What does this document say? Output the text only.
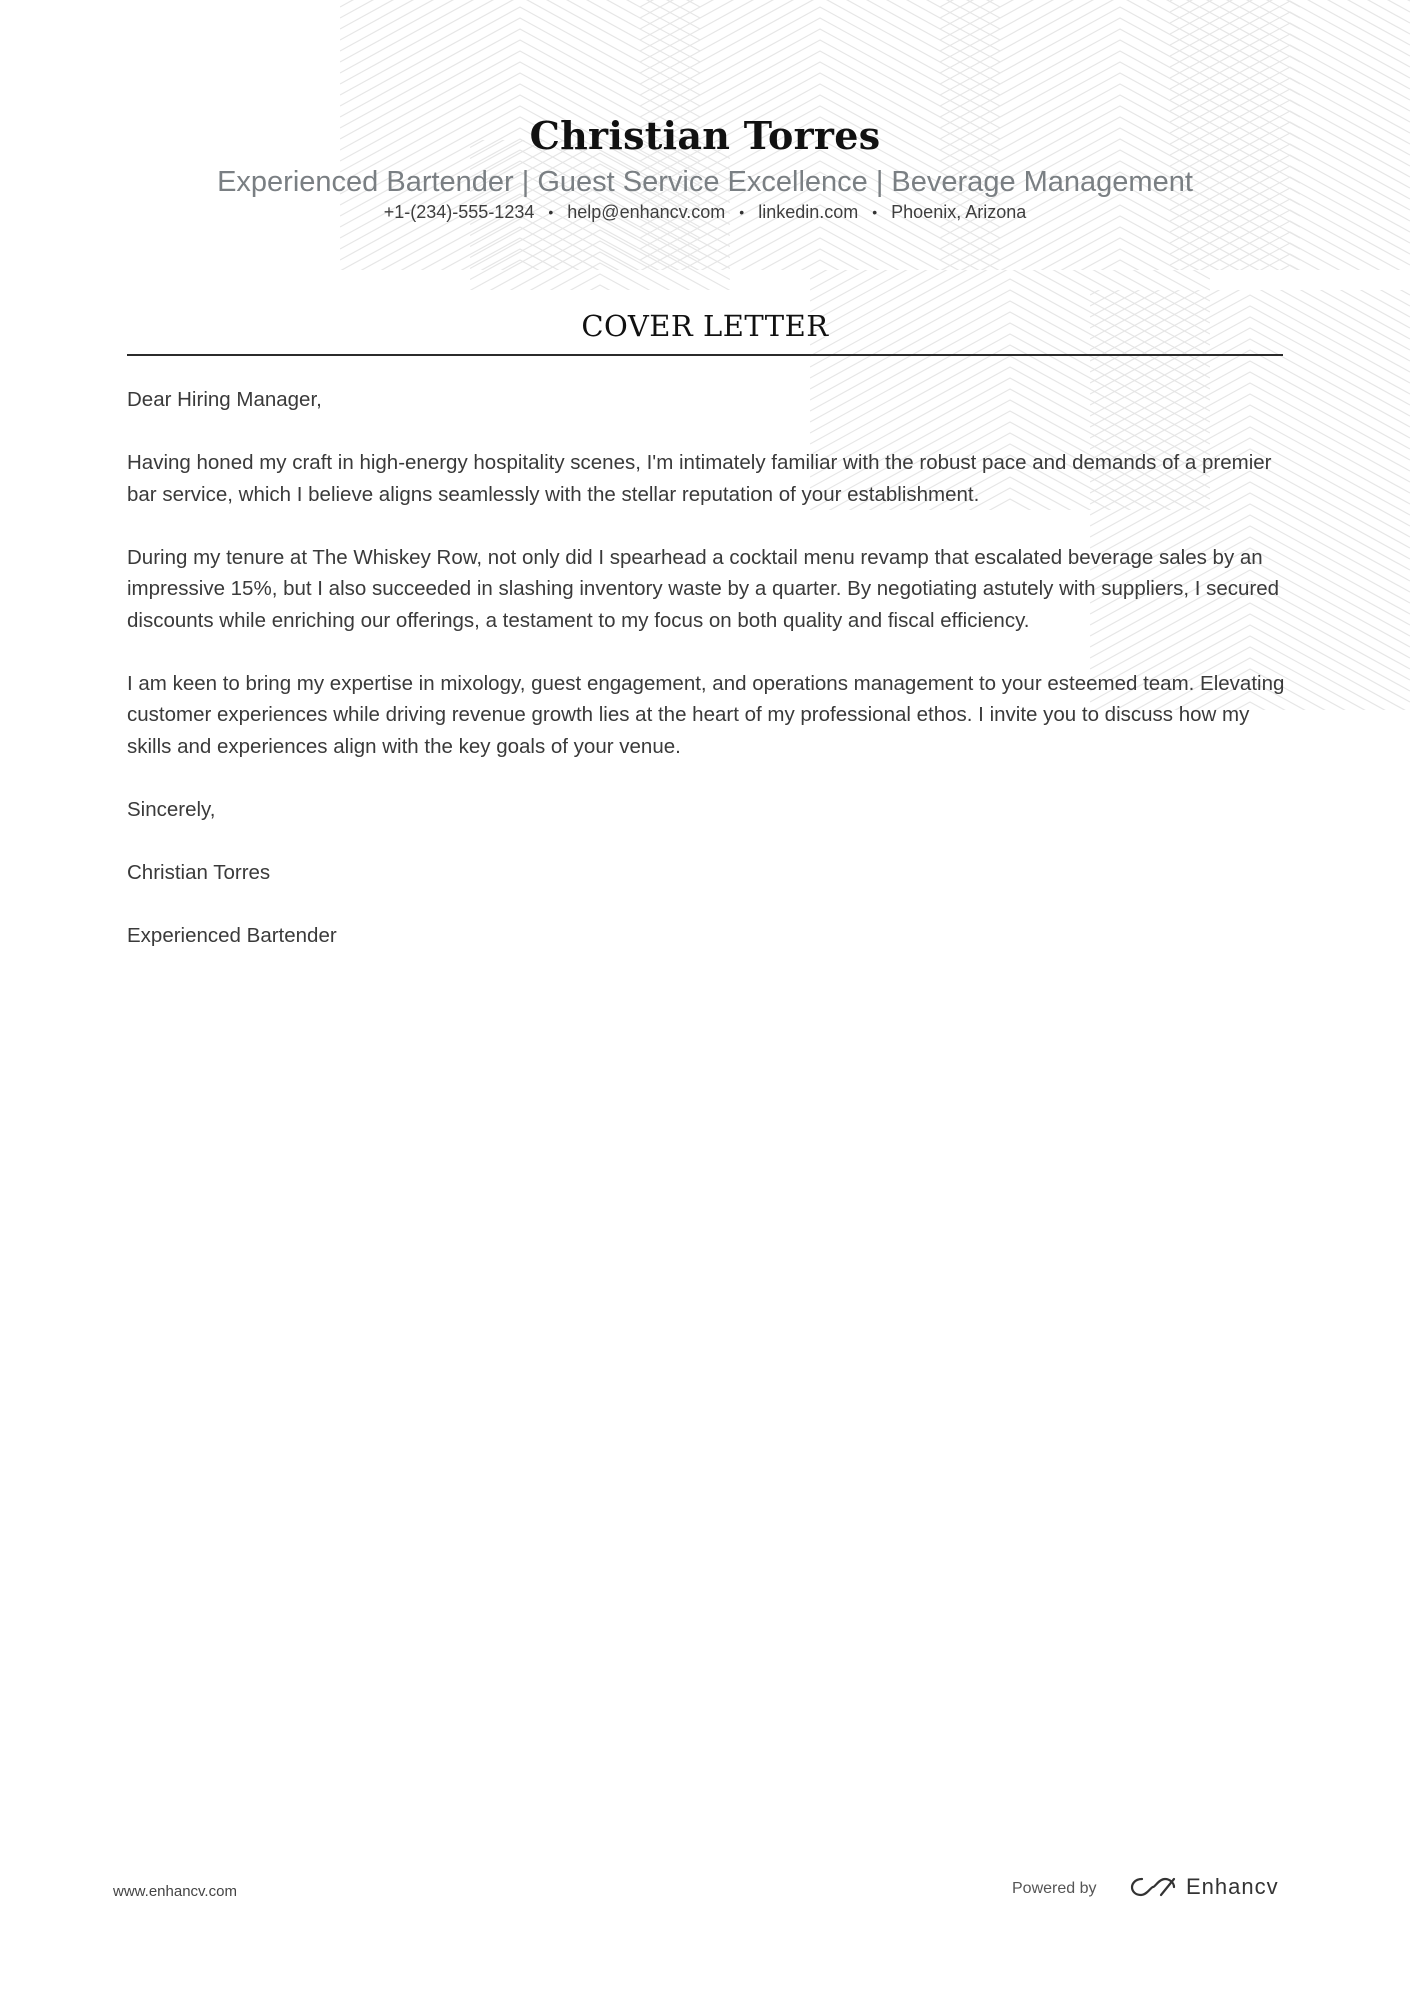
Christian Torres
Experienced Bartender | Guest Service Excellence | Beverage Management
+1-(234)-555-1234 • help@enhancv.com • linkedin.com • Phoenix, Arizona
COVER LETTER

Dear Hiring Manager,

Having honed my craft in high-energy hospitality scenes, I'm intimately familiar with the robust pace and demands of a premier bar service, which I believe aligns seamlessly with the stellar reputation of your establishment.

During my tenure at The Whiskey Row, not only did I spearhead a cocktail menu revamp that escalated beverage sales by an impressive 15%, but I also succeeded in slashing inventory waste by a quarter. By negotiating astutely with suppliers, I secured discounts while enriching our offerings, a testament to my focus on both quality and fiscal efficiency.

I am keen to bring my expertise in mixology, guest engagement, and operations management to your esteemed team. Elevating customer experiences while driving revenue growth lies at the heart of my professional ethos. I invite you to discuss how my skills and experiences align with the key goals of your venue.

Sincerely,

Christian Torres

Experienced Bartender

www.enhancv.com	Powered by	Enhancv
